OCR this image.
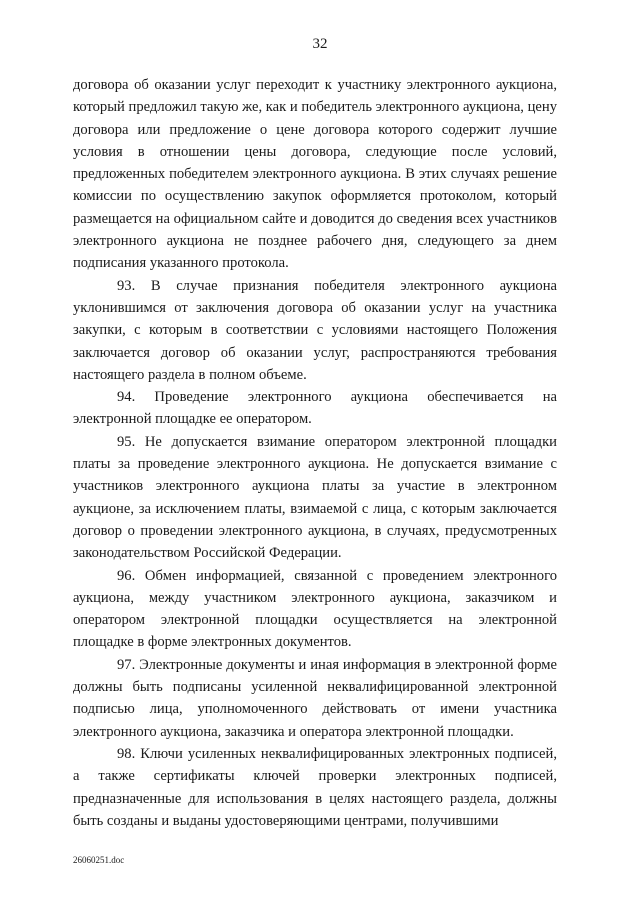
32

договора об оказании услуг переходит к участнику электронного аукциона, который предложил такую же, как и победитель электронного аукциона, цену договора или предложение о цене договора которого содержит лучшие условия в отношении цены договора, следующие после условий, предложенных победителем электронного аукциона. В этих случаях решение комиссии по осуществлению закупок оформляется протоколом, который размещается на официальном сайте и доводится до сведения всех участников электронного аукциона не позднее рабочего дня, следующего за днем подписания указанного протокола.

93. В случае признания победителя электронного аукциона уклонившимся от заключения договора об оказании услуг на участника закупки, с которым в соответствии с условиями настоящего Положения заключается договор об оказании услуг, распространяются требования настоящего раздела в полном объеме.

94. Проведение электронного аукциона обеспечивается на электронной площадке ее оператором.

95. Не допускается взимание оператором электронной площадки платы за проведение электронного аукциона. Не допускается взимание с участников электронного аукциона платы за участие в электронном аукционе, за исключением платы, взимаемой с лица, с которым заключается договор о проведении электронного аукциона, в случаях, предусмотренных законодательством Российской Федерации.

96. Обмен информацией, связанной с проведением электронного аукциона, между участником электронного аукциона, заказчиком и оператором электронной площадки осуществляется на электронной площадке в форме электронных документов.

97. Электронные документы и иная информация в электронной форме должны быть подписаны усиленной неквалифицированной электронной подписью лица, уполномоченного действовать от имени участника электронного аукциона, заказчика и оператора электронной площадки.

98. Ключи усиленных неквалифицированных электронных подписей, а также сертификаты ключей проверки электронных подписей, предназначенные для использования в целях настоящего раздела, должны быть созданы и выданы удостоверяющими центрами, получившими

26060251.doc
